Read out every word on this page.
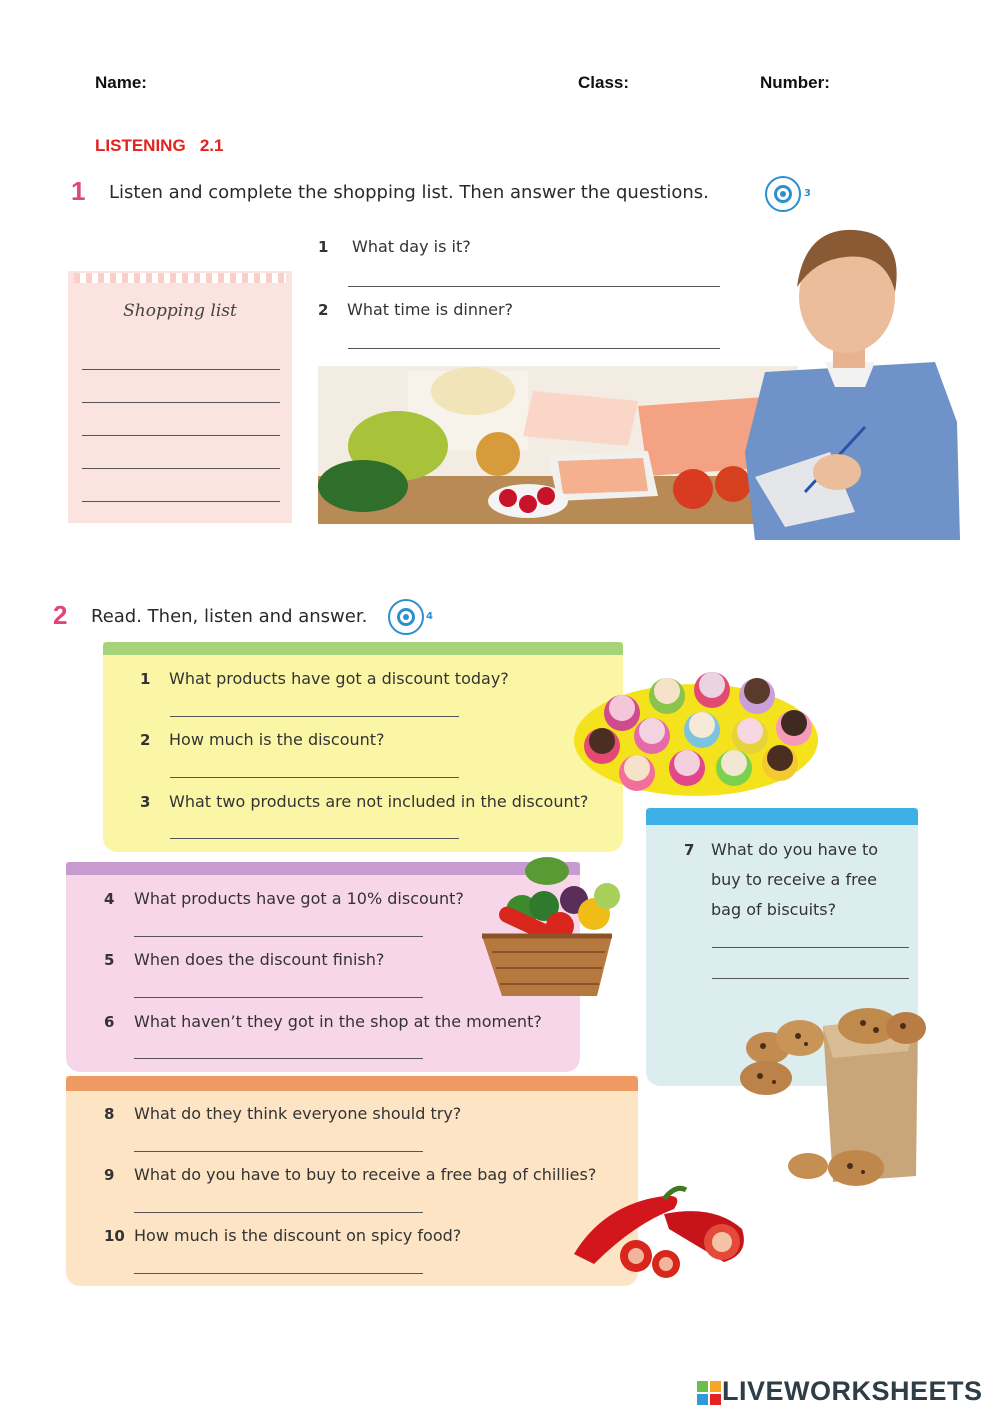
Name:	Class:	Number:
LISTENING   2.1
1 Listen and complete the shopping list. Then answer the questions.	3
Shopping list
1 What day is it?
2 What time is dinner?
2 Read. Then, listen and answer.	4
1 What products have got a discount today?
2 How much is the discount?
3 What two products are not included in the discount?
7 What do you have to
buy to receive a free
bag of biscuits?
4 What products have got a 10% discount?
5 When does the discount finish?
6 What haven’t they got in the shop at the moment?
8 What do they think everyone should try?
9 What do you have to buy to receive a free bag of chillies?
10 How much is the discount on spicy food?
LIVEWORKSHEETS
